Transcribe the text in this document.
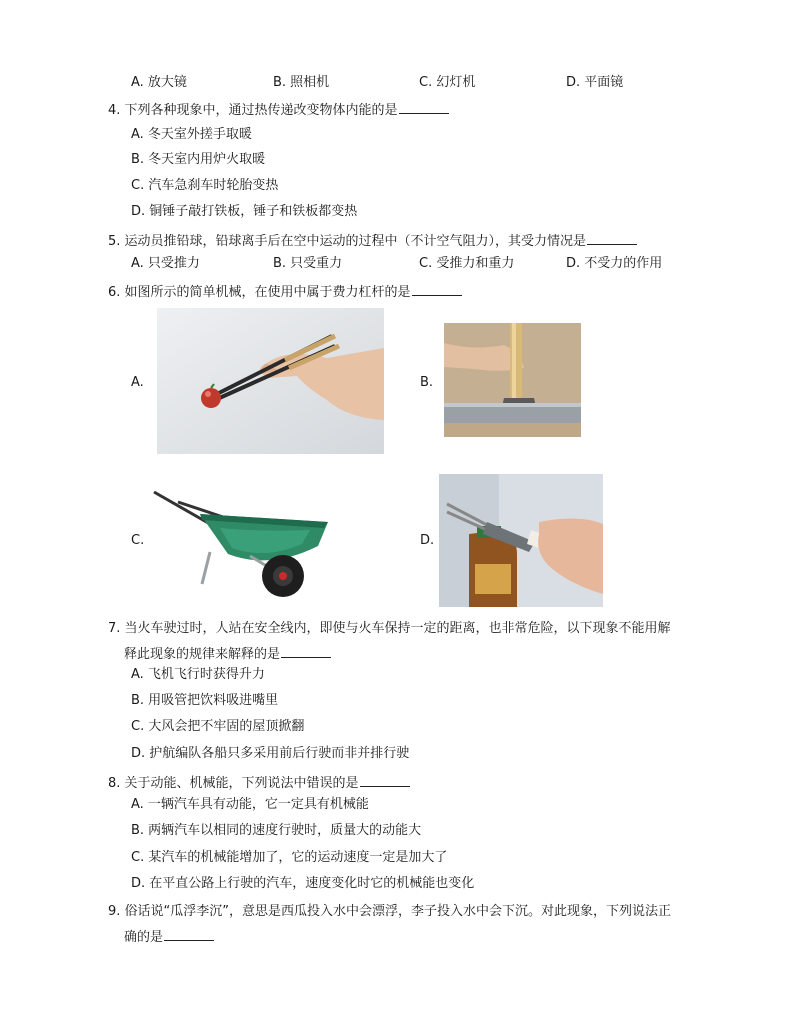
A. 放大镜	B. 照相机	C. 幻灯机	D. 平面镜
4. 下列各种现象中，通过热传递改变物体内能的是
A. 冬天室外搓手取暖
B. 冬天室内用炉火取暖
C. 汽车急刹车时轮胎变热
D. 铜锤子敲打铁板，锤子和铁板都变热
5. 运动员推铅球，铅球离手后在空中运动的过程中（不计空气阻力），其受力情况是
A. 只受推力	B. 只受重力	C. 受推力和重力	D. 不受力的作用
6. 如图所示的简单机械，在使用中属于费力杠杆的是
A.	B.
C.	D.
7. 当火车驶过时，人站在安全线内，即使与火车保持一定的距离，也非常危险，以下现象不能用解
释此现象的规律来解释的是
A. 飞机飞行时获得升力
B. 用吸管把饮料吸进嘴里
C. 大风会把不牢固的屋顶掀翻
D. 护航编队各船只多采用前后行驶而非并排行驶
8. 关于动能、机械能，下列说法中错误的是
A. 一辆汽车具有动能，它一定具有机械能
B. 两辆汽车以相同的速度行驶时，质量大的动能大
C. 某汽车的机械能增加了，它的运动速度一定是加大了
D. 在平直公路上行驶的汽车，速度变化时它的机械能也变化
9. 俗话说“瓜浮李沉”，意思是西瓜投入水中会漂浮，李子投入水中会下沉。对此现象，下列说法正
确的是
